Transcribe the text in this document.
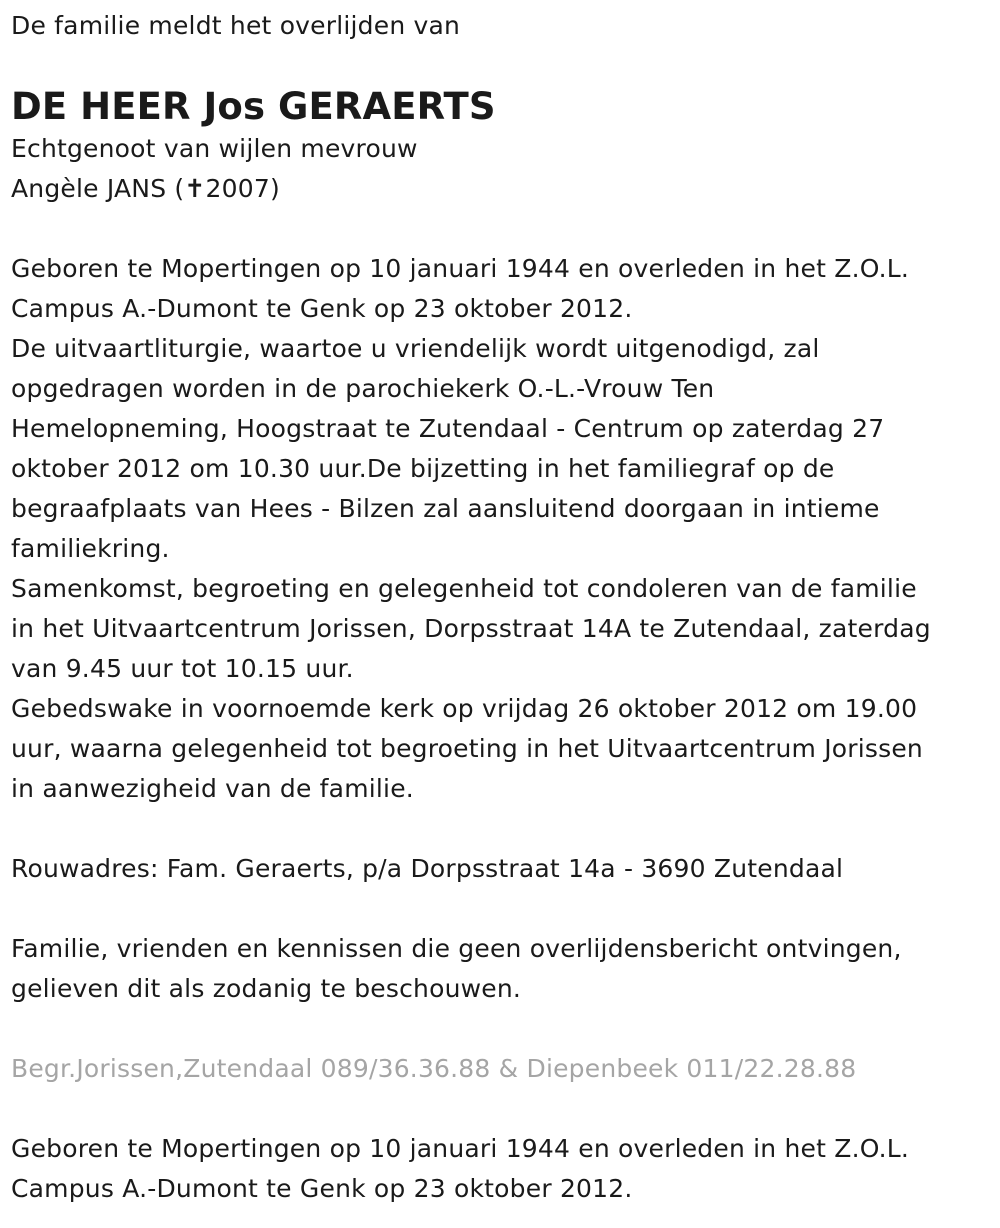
De familie meldt het overlijden van
DE HEER Jos GERAERTS
Echtgenoot van wijlen mevrouw
Angèle JANS (✝2007)
Geboren te Mopertingen op 10 januari 1944 en overleden in het Z.O.L.
Campus A.-Dumont te Genk op 23 oktober 2012.
De uitvaartliturgie, waartoe u vriendelijk wordt uitgenodigd, zal
opgedragen worden in de parochiekerk O.-L.-Vrouw Ten
Hemelopneming, Hoogstraat te Zutendaal - Centrum op zaterdag 27
oktober 2012 om 10.30 uur.De bijzetting in het familiegraf op de
begraafplaats van Hees - Bilzen zal aansluitend doorgaan in intieme
familiekring.
Samenkomst, begroeting en gelegenheid tot condoleren van de familie
in het Uitvaartcentrum Jorissen, Dorpsstraat 14A te Zutendaal, zaterdag
van 9.45 uur tot 10.15 uur.
Gebedswake in voornoemde kerk op vrijdag 26 oktober 2012 om 19.00
uur, waarna gelegenheid tot begroeting in het Uitvaartcentrum Jorissen
in aanwezigheid van de familie.
Rouwadres: Fam. Geraerts, p/a Dorpsstraat 14a - 3690 Zutendaal
Familie, vrienden en kennissen die geen overlijdensbericht ontvingen,
gelieven dit als zodanig te beschouwen.
Begr.Jorissen,Zutendaal 089/36.36.88 & Diepenbeek 011/22.28.88
Geboren te Mopertingen op 10 januari 1944 en overleden in het Z.O.L.
Campus A.-Dumont te Genk op 23 oktober 2012.
